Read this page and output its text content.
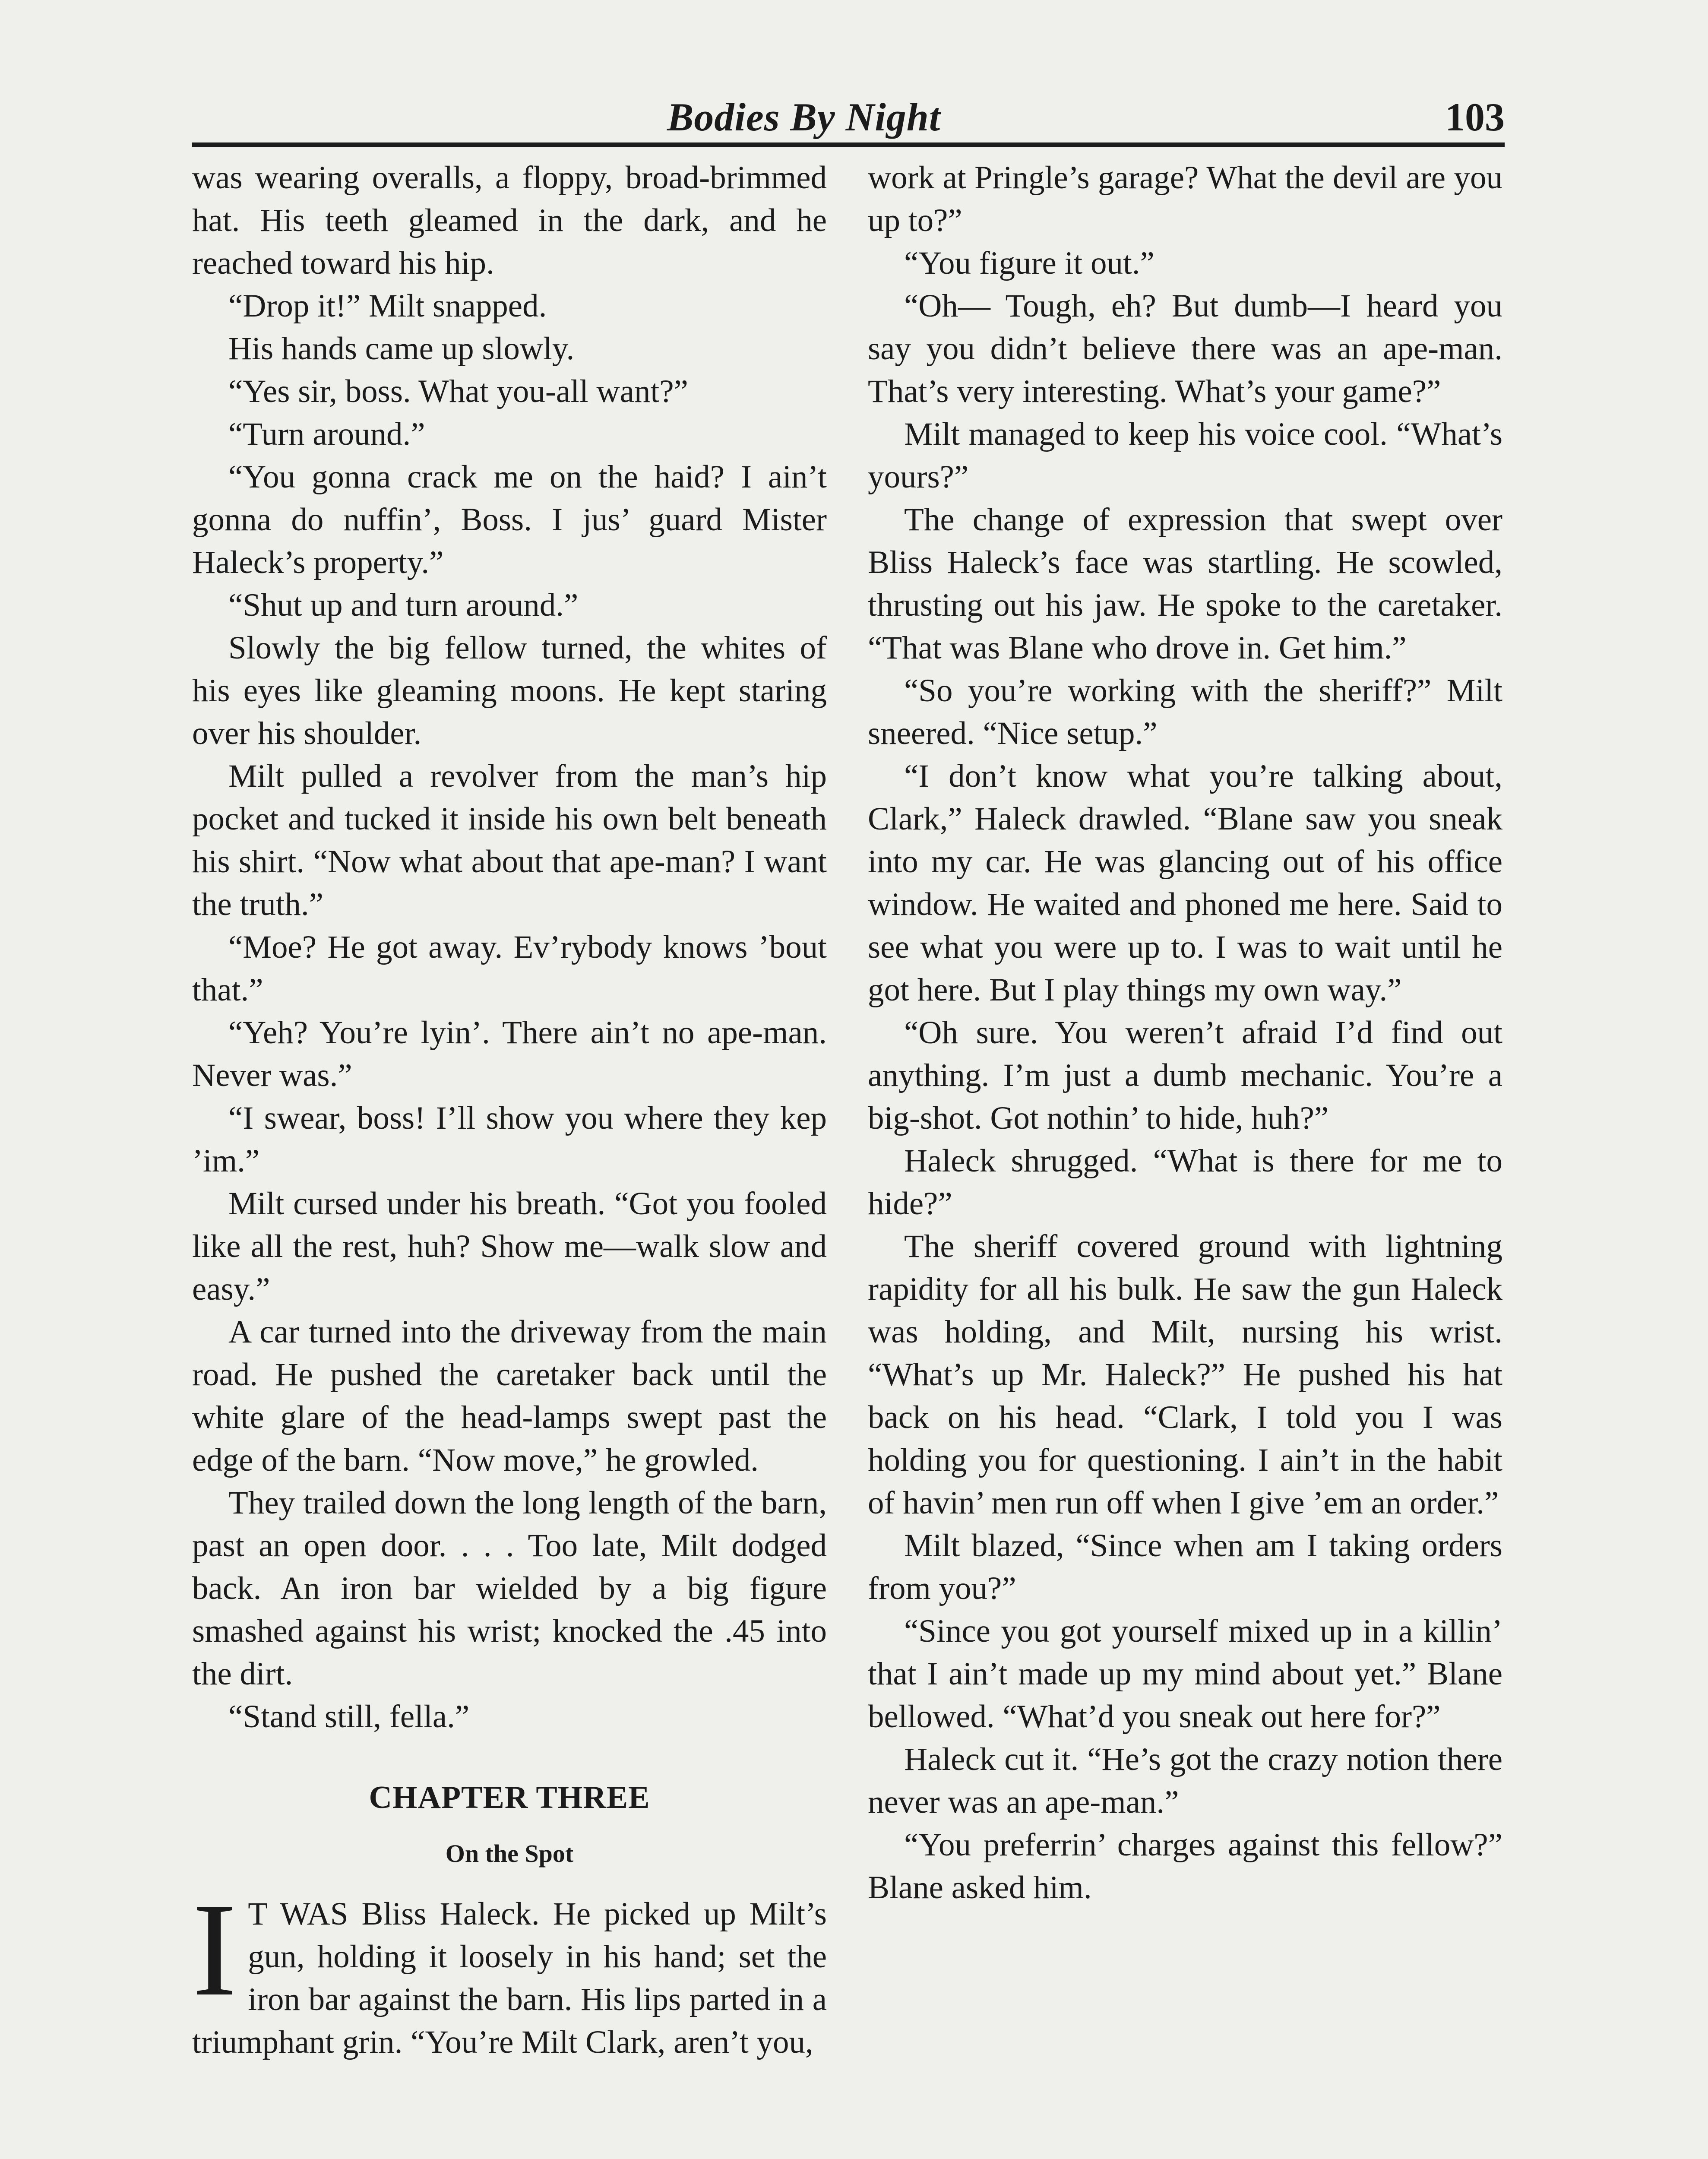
Bodies By Night	103

was wearing overalls, a floppy, broad-brimmed hat. His teeth gleamed in the dark, and he reached toward his hip.

“Drop it!” Milt snapped.

His hands came up slowly.

“Yes sir, boss. What you-all want?”

“Turn around.”

“You gonna crack me on the haid? I ain’t gonna do nuffin’, Boss. I jus’ guard Mister Haleck’s property.”

“Shut up and turn around.”

Slowly the big fellow turned, the whites of his eyes like gleaming moons. He kept staring over his shoulder.

Milt pulled a revolver from the man’s hip pocket and tucked it inside his own belt beneath his shirt. “Now what about that ape-man? I want the truth.”

“Moe? He got away. Ev’rybody knows ’bout that.”

“Yeh? You’re lyin’. There ain’t no ape-man. Never was.”

“I swear, boss! I’ll show you where they kep ’im.”

Milt cursed under his breath. “Got you fooled like all the rest, huh? Show me—walk slow and easy.”

A car turned into the driveway from the main road. He pushed the caretaker back until the white glare of the head-lamps swept past the edge of the barn. “Now move,” he growled.

They trailed down the long length of the barn, past an open door. . . . Too late, Milt dodged back. An iron bar wielded by a big figure smashed against his wrist; knocked the .45 into the dirt.

“Stand still, fella.”

CHAPTER THREE
On the Spot

I T WAS Bliss Haleck. He picked up Milt’s gun, holding it loosely in his hand; set the iron bar against the barn. His lips parted in a triumphant grin. “You’re Milt Clark, aren’t you,

work at Pringle’s garage? What the devil are you up to?”

“You figure it out.”

“Oh— Tough, eh? But dumb—I heard you say you didn’t believe there was an ape-man. That’s very interesting. What’s your game?”

Milt managed to keep his voice cool. “What’s yours?”

The change of expression that swept over Bliss Haleck’s face was startling. He scowled, thrusting out his jaw. He spoke to the caretaker. “That was Blane who drove in. Get him.”

“So you’re working with the sheriff?” Milt sneered. “Nice setup.”

“I don’t know what you’re talking about, Clark,” Haleck drawled. “Blane saw you sneak into my car. He was glancing out of his office window. He waited and phoned me here. Said to see what you were up to. I was to wait until he got here. But I play things my own way.”

“Oh sure. You weren’t afraid I’d find out anything. I’m just a dumb mechanic. You’re a big-shot. Got nothin’ to hide, huh?”

Haleck shrugged. “What is there for me to hide?”

The sheriff covered ground with lightning rapidity for all his bulk. He saw the gun Haleck was holding, and Milt, nursing his wrist. “What’s up Mr. Haleck?” He pushed his hat back on his head. “Clark, I told you I was holding you for questioning. I ain’t in the habit of havin’ men run off when I give ’em an order.”

Milt blazed, “Since when am I taking orders from you?”

“Since you got yourself mixed up in a killin’ that I ain’t made up my mind about yet.” Blane bellowed. “What’d you sneak out here for?”

Haleck cut it. “He’s got the crazy notion there never was an ape-man.”

“You preferrin’ charges against this fellow?” Blane asked him.
